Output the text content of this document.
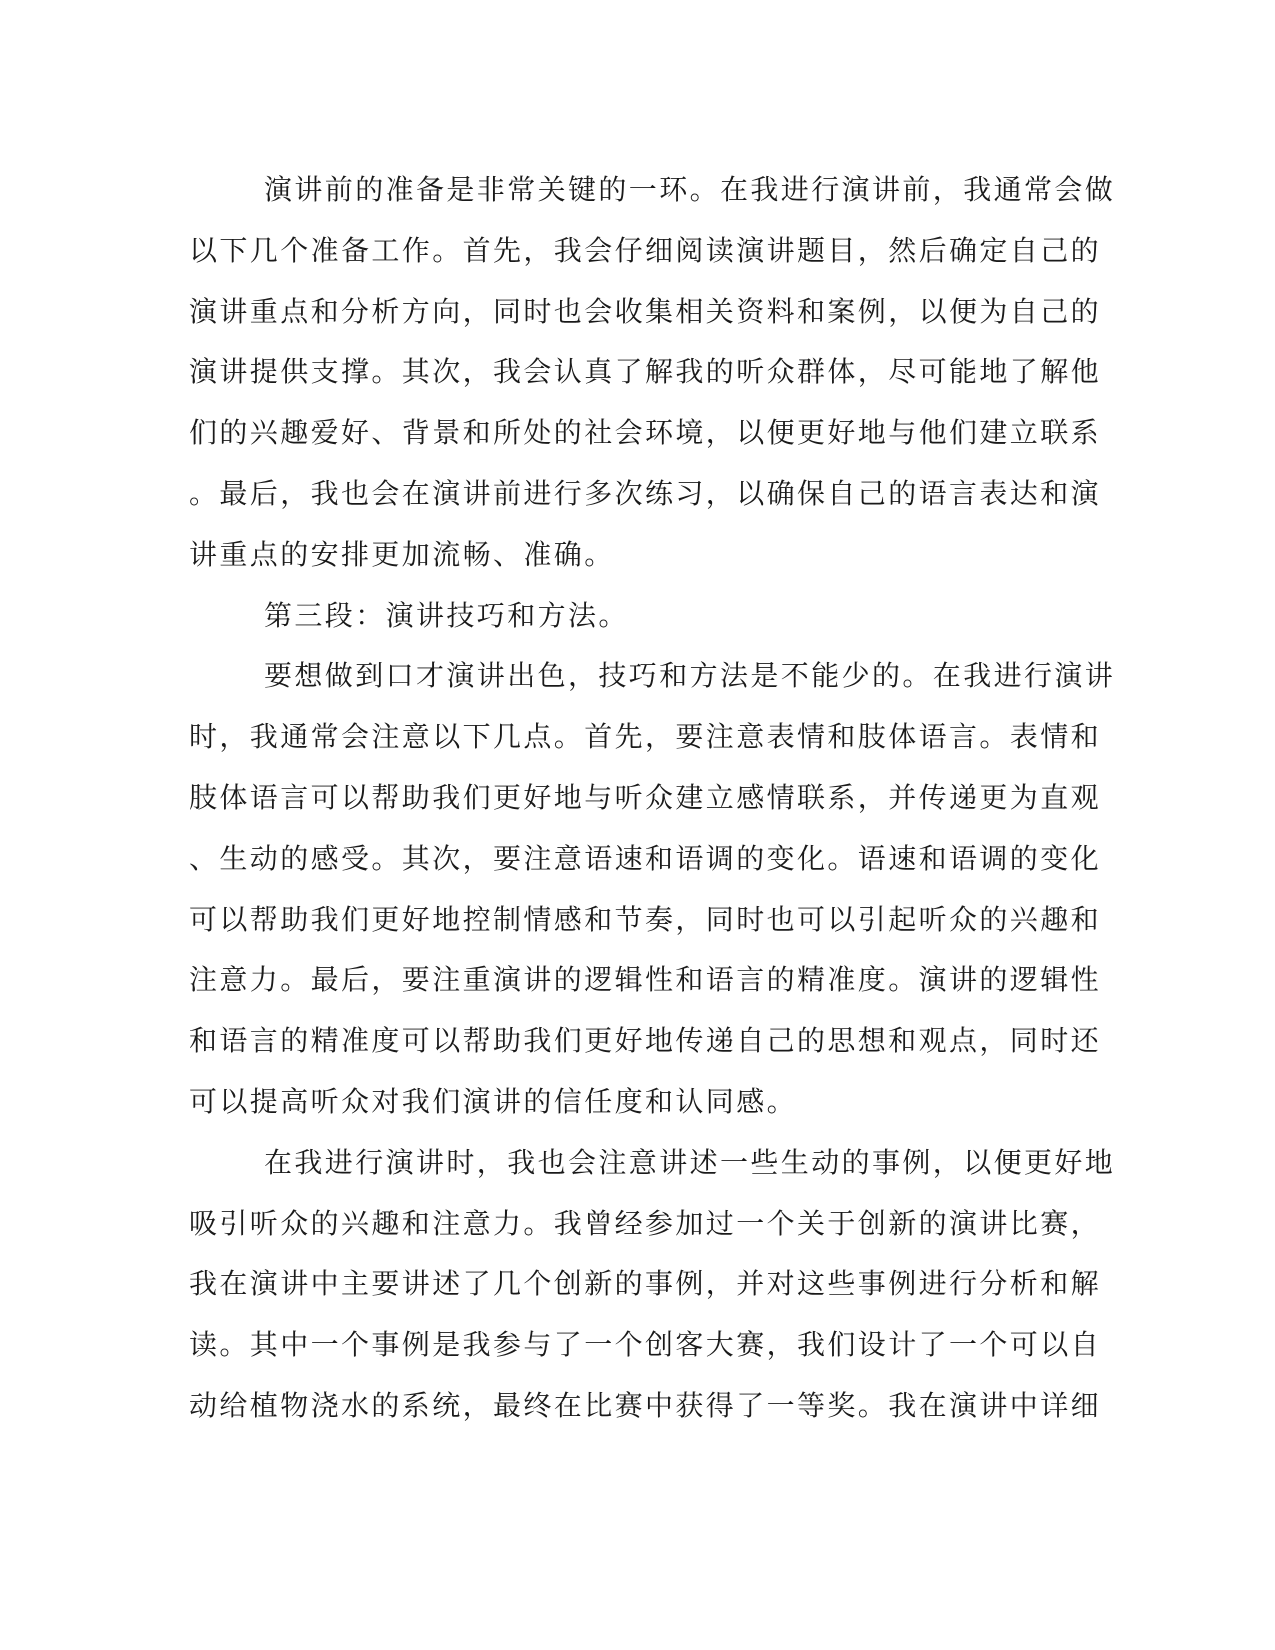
演讲前的准备是非常关键的一环。在我进行演讲前，我通常会做
以下几个准备工作。首先，我会仔细阅读演讲题目，然后确定自己的
演讲重点和分析方向，同时也会收集相关资料和案例，以便为自己的
演讲提供支撑。其次，我会认真了解我的听众群体，尽可能地了解他
们的兴趣爱好、背景和所处的社会环境，以便更好地与他们建立联系
。最后，我也会在演讲前进行多次练习，以确保自己的语言表达和演
讲重点的安排更加流畅、准确。
第三段：演讲技巧和方法。
要想做到口才演讲出色，技巧和方法是不能少的。在我进行演讲
时，我通常会注意以下几点。首先，要注意表情和肢体语言。表情和
肢体语言可以帮助我们更好地与听众建立感情联系，并传递更为直观
、生动的感受。其次，要注意语速和语调的变化。语速和语调的变化
可以帮助我们更好地控制情感和节奏，同时也可以引起听众的兴趣和
注意力。最后，要注重演讲的逻辑性和语言的精准度。演讲的逻辑性
和语言的精准度可以帮助我们更好地传递自己的思想和观点，同时还
可以提高听众对我们演讲的信任度和认同感。
在我进行演讲时，我也会注意讲述一些生动的事例，以便更好地
吸引听众的兴趣和注意力。我曾经参加过一个关于创新的演讲比赛，
我在演讲中主要讲述了几个创新的事例，并对这些事例进行分析和解
读。其中一个事例是我参与了一个创客大赛，我们设计了一个可以自
动给植物浇水的系统，最终在比赛中获得了一等奖。我在演讲中详细
